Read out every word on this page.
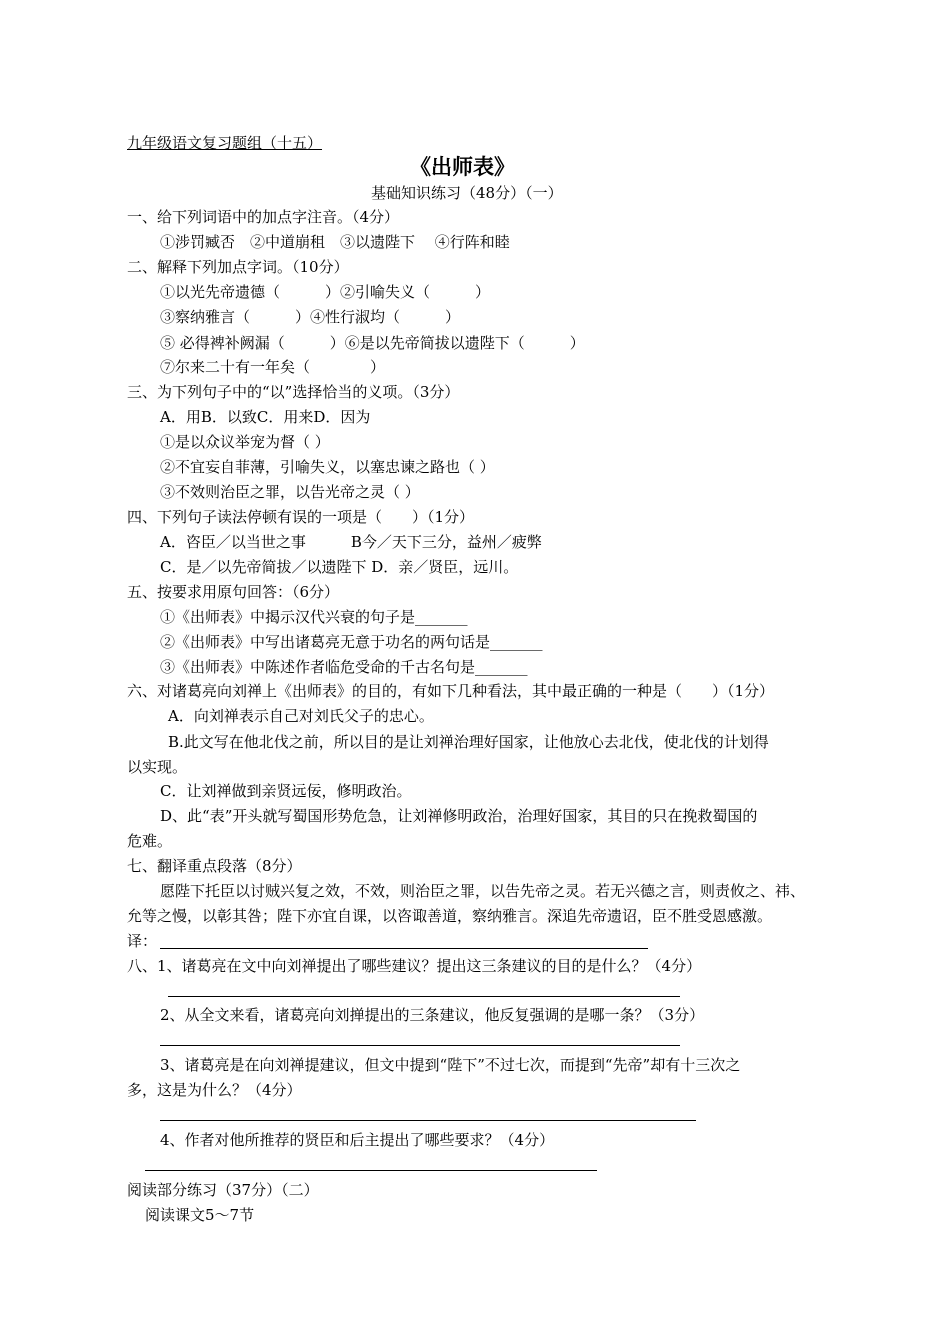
九年级语文复习题组（十五）
《出师表》
基础知识练习（48分）（一）
一、给下列词语中的加点字注音。（4分）
①涉罚臧否　②中道崩租　③以遗陛下　 ④行阵和睦
二、解释下列加点字词。（10分）
①以光先帝遗德（　　　）②引喻失义（　　　）
③察纳雅言（　　　）④性行淑均（　　　）
⑤ 必得裨补阙漏（　　　）⑥是以先帝简拔以遗陛下（　　　）
⑦尔来二十有一年矣（　　　　）
三、为下列句子中的“以”选择恰当的义项。（3分）
A．用B．以致C．用来D．因为
①是以众议举宠为督（ ）
②不宜妄自菲薄，引喻失义，以塞忠谏之路也（ ）
③不效则治臣之罪，以告光帝之灵（ ）
四、下列句子读法停顿有误的一项是（　　）（1分）
A．咨臣／以当世之事　　　B今／天下三分，益州／疲弊
C．是／以先帝简拔／以遗陛下 D．亲／贤臣，远川。
五、按要求用原句回答：（6分）
①《出师表》中揭示汉代兴衰的句子是_______
②《出师表》中写出诸葛亮无意于功名的两句话是_______
③《出师表》中陈述作者临危受命的千古名句是_______
六、对诸葛亮向刘禅上《出师表》的目的，有如下几种看法，其中最正确的一种是（　　）（1分）
A．向刘禅表示自己对刘氏父子的忠心。
B.此文写在他北伐之前，所以目的是让刘禅治理好国家，让他放心去北伐，使北伐的计划得
以实现。
C．让刘禅做到亲贤远佞，修明政治。
D、此“表”开头就写蜀国形势危急，让刘禅修明政治，治理好国家，其目的只在挽救蜀国的
危难。
七、翻译重点段落（8分）
愿陛下托臣以讨贼兴复之效，不效，则治臣之罪，以告先帝之灵。若无兴德之言，则责攸之、祎、
允等之慢，以彰其咎；陛下亦宜自课，以咨诹善道，察纳雅言。深追先帝遗诏，臣不胜受恩感激。
译：
八、1、诸葛亮在文中向刘禅提出了哪些建议？提出这三条建议的目的是什么？（4分）
2、从全文来看，诸葛亮向刘掸提出的三条建议，他反复强调的是哪一条？（3分）
3、诸葛亮是在向刘禅提建议，但文中提到“陛下”不过七次，而提到“先帝”却有十三次之
多，这是为什么？（4分）
4、作者对他所推荐的贤臣和后主提出了哪些要求？（4分）
阅读部分练习（37分）（二）
阅读课文5～7节
